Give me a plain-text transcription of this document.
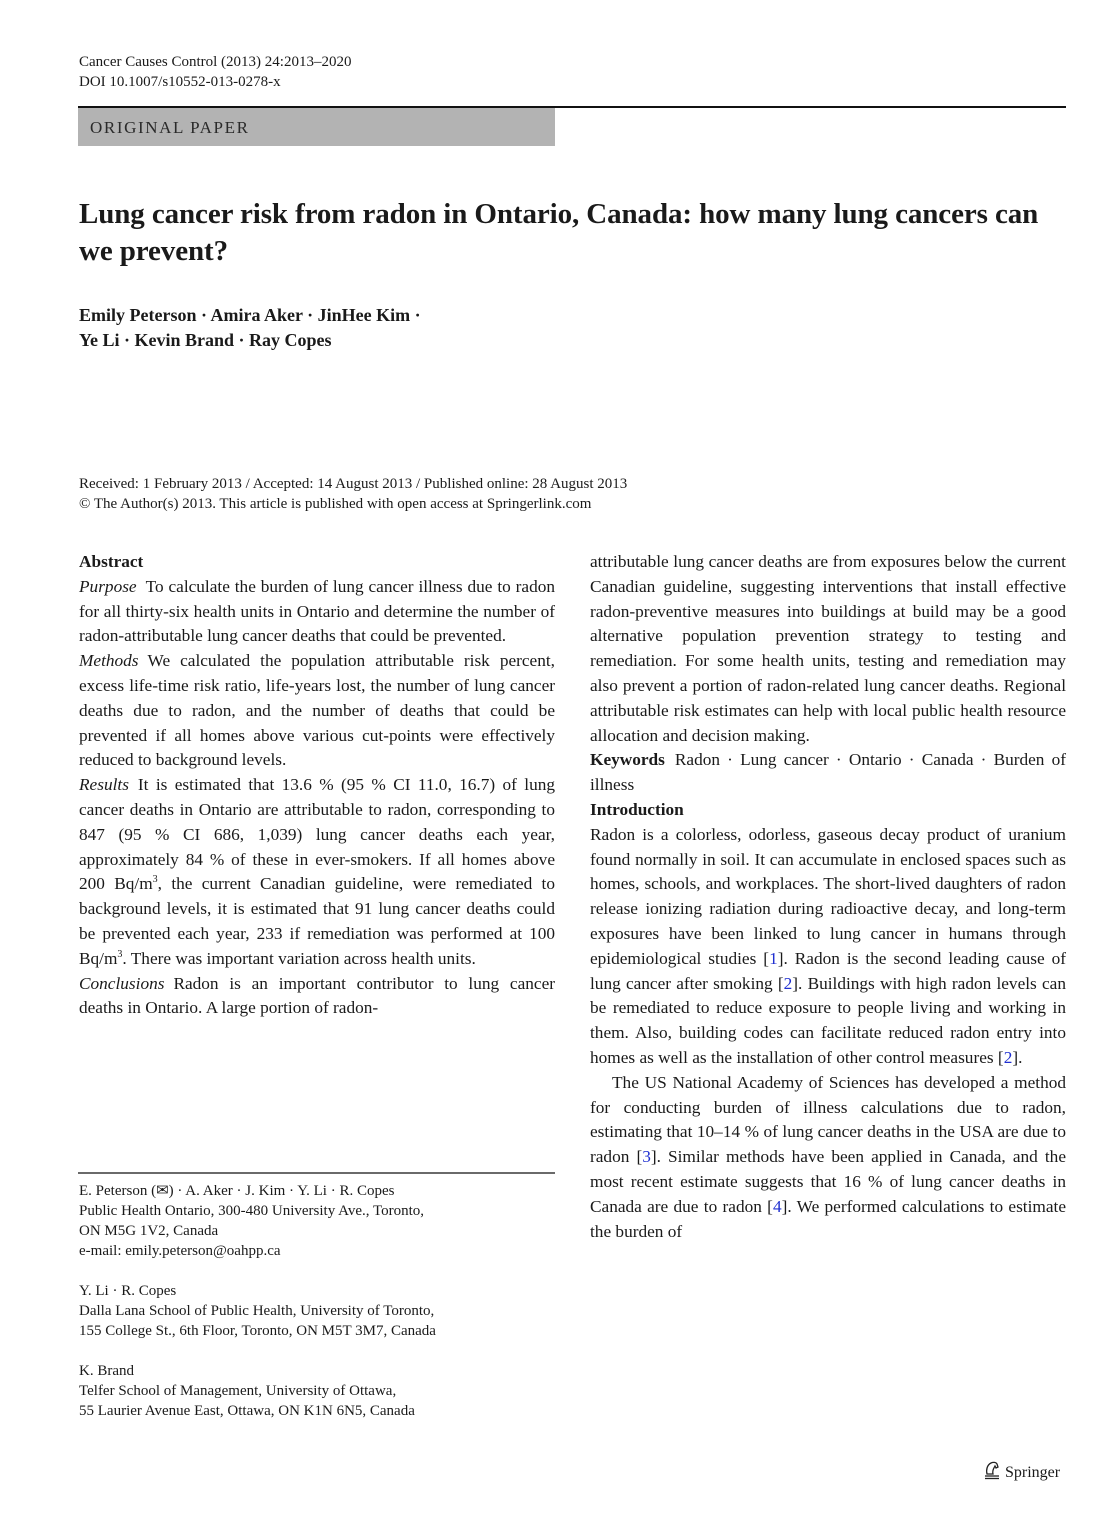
Cancer Causes Control (2013) 24:2013–2020
DOI 10.1007/s10552-013-0278-x
ORIGINAL PAPER
Lung cancer risk from radon in Ontario, Canada: how many lung cancers can we prevent?
Emily Peterson · Amira Aker · JinHee Kim ·
Ye Li · Kevin Brand · Ray Copes
Received: 1 February 2013 / Accepted: 14 August 2013 / Published online: 28 August 2013
© The Author(s) 2013. This article is published with open access at Springerlink.com

Abstract

Purpose To calculate the burden of lung cancer illness due to radon for all thirty-six health units in Ontario and determine the number of radon-attributable lung cancer deaths that could be prevented.

Methods We calculated the population attributable risk percent, excess life-time risk ratio, life-years lost, the number of lung cancer deaths due to radon, and the number of deaths that could be prevented if all homes above various cut-points were effectively reduced to background levels.

Results It is estimated that 13.6 % (95 % CI 11.0, 16.7) of lung cancer deaths in Ontario are attributable to radon, corresponding to 847 (95 % CI 686, 1,039) lung cancer deaths each year, approximately 84 % of these in ever-smokers. If all homes above 200 $Bq/m^3$, the current Canadian guideline, were remediated to background levels, it is estimated that 91 lung cancer deaths could be prevented each year, 233 if remediation was performed at 100 $Bq/m^3$. There was important variation across health units.

Conclusions Radon is an important contributor to lung cancer deaths in Ontario. A large portion of radon-

E. Peterson (✉) · A. Aker · J. Kim · Y. Li · R. Copes
Public Health Ontario, 300-480 University Ave., Toronto,
ON M5G 1V2, Canada
e-mail: emily.peterson@oahpp.ca
Y. Li · R. Copes
Dalla Lana School of Public Health, University of Toronto,
155 College St., 6th Floor, Toronto, ON M5T 3M7, Canada
K. Brand
Telfer School of Management, University of Ottawa,
55 Laurier Avenue East, Ottawa, ON K1N 6N5, Canada

attributable lung cancer deaths are from exposures below the current Canadian guideline, suggesting interventions that install effective radon-preventive measures into buildings at build may be a good alternative population prevention strategy to testing and remediation. For some health units, testing and remediation may also prevent a portion of radon-related lung cancer deaths. Regional attributable risk estimates can help with local public health resource allocation and decision making.

Keywords Radon · Lung cancer · Ontario · Canada · Burden of illness

Introduction

Radon is a colorless, odorless, gaseous decay product of uranium found normally in soil. It can accumulate in enclosed spaces such as homes, schools, and workplaces. The short-lived daughters of radon release ionizing radiation during radioactive decay, and long-term exposures have been linked to lung cancer in humans through epidemiological studies [1]. Radon is the second leading cause of lung cancer after smoking [2]. Buildings with high radon levels can be remediated to reduce exposure to people living and working in them. Also, building codes can facilitate reduced radon entry into homes as well as the installation of other control measures [2].

The US National Academy of Sciences has developed a method for conducting burden of illness calculations due to radon, estimating that 10–14 % of lung cancer deaths in the USA are due to radon [3]. Similar methods have been applied in Canada, and the most recent estimate suggests that 16 % of lung cancer deaths in Canada are due to radon [4]. We performed calculations to estimate the burden of

Springer
